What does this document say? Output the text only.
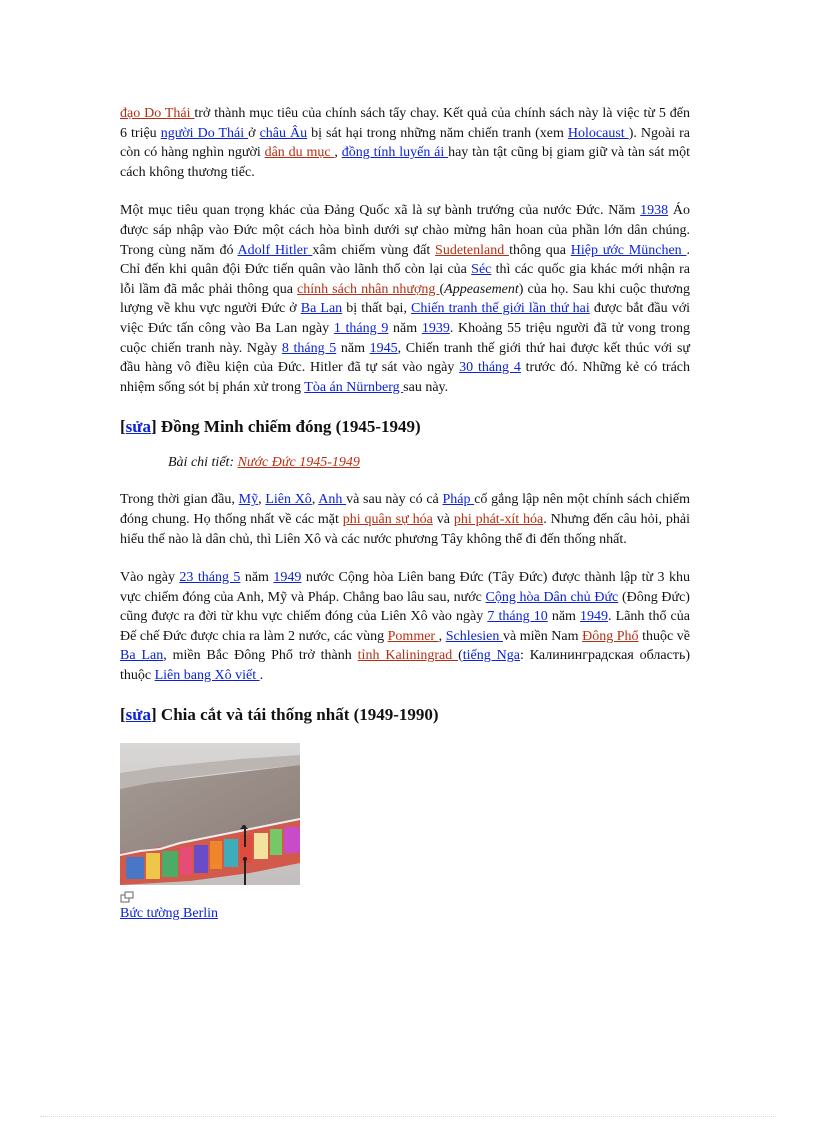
đạo Do Thái trở thành mục tiêu của chính sách tẩy chay. Kết quả của chính sách này là việc từ 5 đến 6 triệu người Do Thái ở châu Âu bị sát hại trong những năm chiến tranh (xem Holocaust ). Ngoài ra còn có hàng nghìn người dân du mục , đồng tính luyến ái hay tàn tật cũng bị giam giữ và tàn sát một cách không thương tiếc.

Một mục tiêu quan trọng khác của Đảng Quốc xã là sự bành trướng của nước Đức. Năm 1938 Áo được sáp nhập vào Đức một cách hòa bình dưới sự chào mừng hân hoan của phần lớn dân chúng. Trong cùng năm đó Adolf Hitler xâm chiếm vùng đất Sudetenland thông qua Hiệp ước München . Chỉ đến khi quân đội Đức tiến quân vào lãnh thổ còn lại của Séc thì các quốc gia khác mới nhận ra lỗi lầm đã mắc phải thông qua chính sách nhân nhượng (Appeasement) của họ. Sau khi cuộc thương lượng về khu vực người Đức ở Ba Lan bị thất bại, Chiến tranh thế giới lần thứ hai được bắt đầu với việc Đức tấn công vào Ba Lan ngày 1 tháng 9 năm 1939. Khoảng 55 triệu người đã tử vong trong cuộc chiến tranh này. Ngày 8 tháng 5 năm 1945, Chiến tranh thế giới thứ hai được kết thúc với sự đầu hàng vô điều kiện của Đức. Hitler đã tự sát vào ngày 30 tháng 4 trước đó. Những kẻ có trách nhiệm sống sót bị phán xử trong Tòa án Nürnberg sau này.

[sửa] Đồng Minh chiếm đóng (1945-1949)
Bài chi tiết: Nước Đức 1945-1949

Trong thời gian đầu, Mỹ, Liên Xô, Anh và sau này có cả Pháp cố gắng lập nên một chính sách chiếm đóng chung. Họ thống nhất về các mặt phi quân sự hóa và phi phát-xít hóa. Nhưng đến câu hỏi, phải hiểu thế nào là dân chủ, thì Liên Xô và các nước phương Tây không thể đi đến thống nhất.

Vào ngày 23 tháng 5 năm 1949 nước Cộng hòa Liên bang Đức (Tây Đức) được thành lập từ 3 khu vực chiếm đóng của Anh, Mỹ và Pháp. Chẳng bao lâu sau, nước Cộng hòa Dân chủ Đức (Đông Đức) cũng được ra đời từ khu vực chiếm đóng của Liên Xô vào ngày 7 tháng 10 năm 1949. Lãnh thổ của Đế chế Đức được chia ra làm 2 nước, các vùng Pommer , Schlesien và miền Nam Đông Phổ thuộc về Ba Lan, miền Bắc Đông Phổ trở thành tỉnh Kaliningrad (tiếng Nga: Калининградская область) thuộc Liên bang Xô viết .

[sửa] Chia cắt và tái thống nhất (1949-1990)
Bức tường Berlin
